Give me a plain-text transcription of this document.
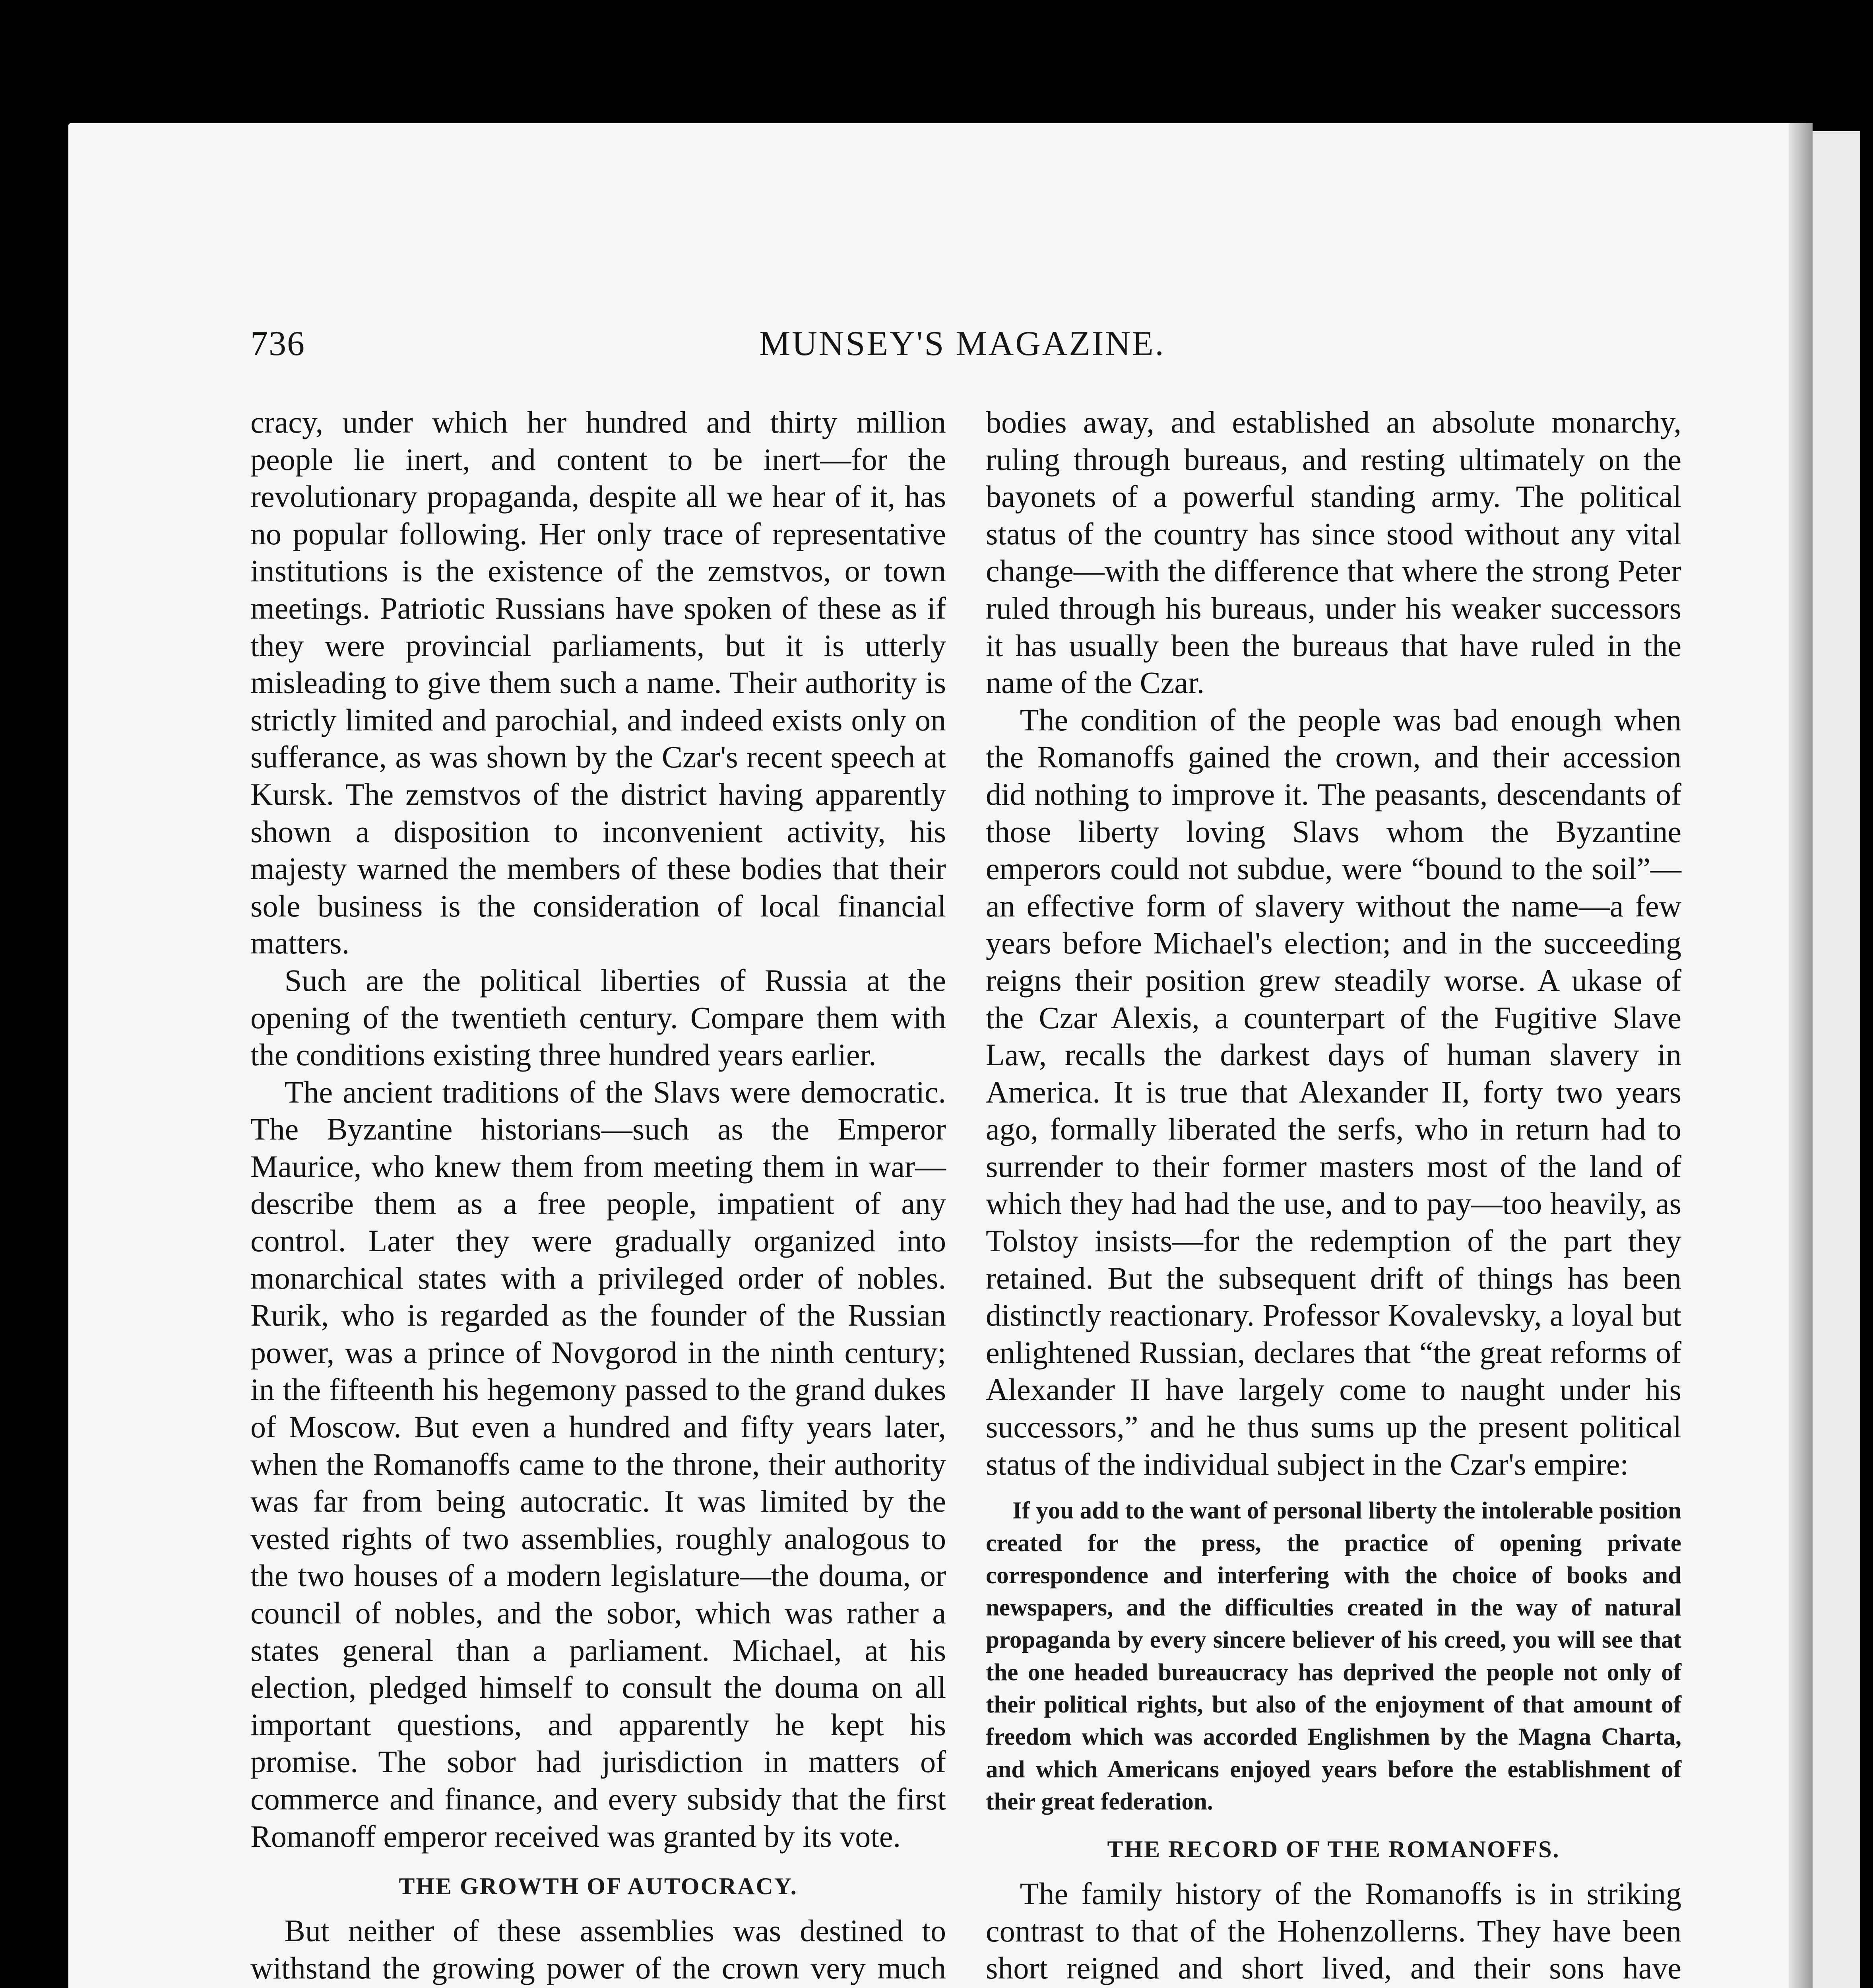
736	MUNSEY'S MAGAZINE.

cracy, under which her hundred and thirty million people lie inert, and content to be inert—for the revolutionary propaganda, despite all we hear of it, has no popular following. Her only trace of representative institutions is the existence of the zemstvos, or town meetings. Patriotic Russians have spoken of these as if they were provincial parliaments, but it is utterly misleading to give them such a name. Their authority is strictly limited and parochial, and indeed exists only on sufferance, as was shown by the Czar's recent speech at Kursk. The zemstvos of the district having apparently shown a disposition to inconvenient activity, his majesty warned the members of these bodies that their sole business is the consideration of local financial matters.

Such are the political liberties of Russia at the opening of the twentieth century. Compare them with the conditions existing three hundred years earlier.

The ancient traditions of the Slavs were democratic. The Byzantine historians—such as the Emperor Maurice, who knew them from meeting them in war—describe them as a free people, impatient of any control. Later they were gradually organized into monarchical states with a privileged order of nobles. Rurik, who is regarded as the founder of the Russian power, was a prince of Novgorod in the ninth century; in the fifteenth his hegemony passed to the grand dukes of Moscow. But even a hundred and fifty years later, when the Romanoffs came to the throne, their authority was far from being autocratic. It was limited by the vested rights of two assemblies, roughly analogous to the two houses of a modern legislature—the douma, or council of nobles, and the sobor, which was rather a states general than a parliament. Michael, at his election, pledged himself to consult the douma on all important questions, and apparently he kept his promise. The sobor had jurisdiction in matters of commerce and finance, and every subsidy that the first Romanoff emperor received was granted by its vote.

THE GROWTH OF AUTOCRACY.

But neither of these assemblies was destined to withstand the growing power of the crown very much

bodies away, and established an absolute monarchy, ruling through bureaus, and resting ultimately on the bayonets of a powerful standing army. The political status of the country has since stood without any vital change—with the difference that where the strong Peter ruled through his bureaus, under his weaker successors it has usually been the bureaus that have ruled in the name of the Czar.

The condition of the people was bad enough when the Romanoffs gained the crown, and their accession did nothing to improve it. The peasants, descendants of those liberty loving Slavs whom the Byzantine emperors could not subdue, were “bound to the soil”—an effective form of slavery without the name—a few years before Michael's election; and in the succeeding reigns their position grew steadily worse. A ukase of the Czar Alexis, a counterpart of the Fugitive Slave Law, recalls the darkest days of human slavery in America. It is true that Alexander II, forty two years ago, formally liberated the serfs, who in return had to surrender to their former masters most of the land of which they had had the use, and to pay—too heavily, as Tolstoy insists—for the redemption of the part they retained. But the subsequent drift of things has been distinctly reactionary. Professor Kovalevsky, a loyal but enlightened Russian, declares that “the great reforms of Alexander II have largely come to naught under his successors,” and he thus sums up the present political status of the individual subject in the Czar's empire:

If you add to the want of personal liberty the intolerable position created for the press, the practice of opening private correspondence and interfering with the choice of books and newspapers, and the difficulties created in the way of natural propaganda by every sincere believer of his creed, you will see that the one headed bureaucracy has deprived the people not only of their political rights, but also of the enjoyment of that amount of freedom which was accorded Englishmen by the Magna Charta, and which Americans enjoyed years before the establishment of their great federation.

THE RECORD OF THE ROMANOFFS.

The family history of the Romanoffs is in striking contrast to that of the Hohenzollerns. They have been short reigned and short lived, and their sons have
